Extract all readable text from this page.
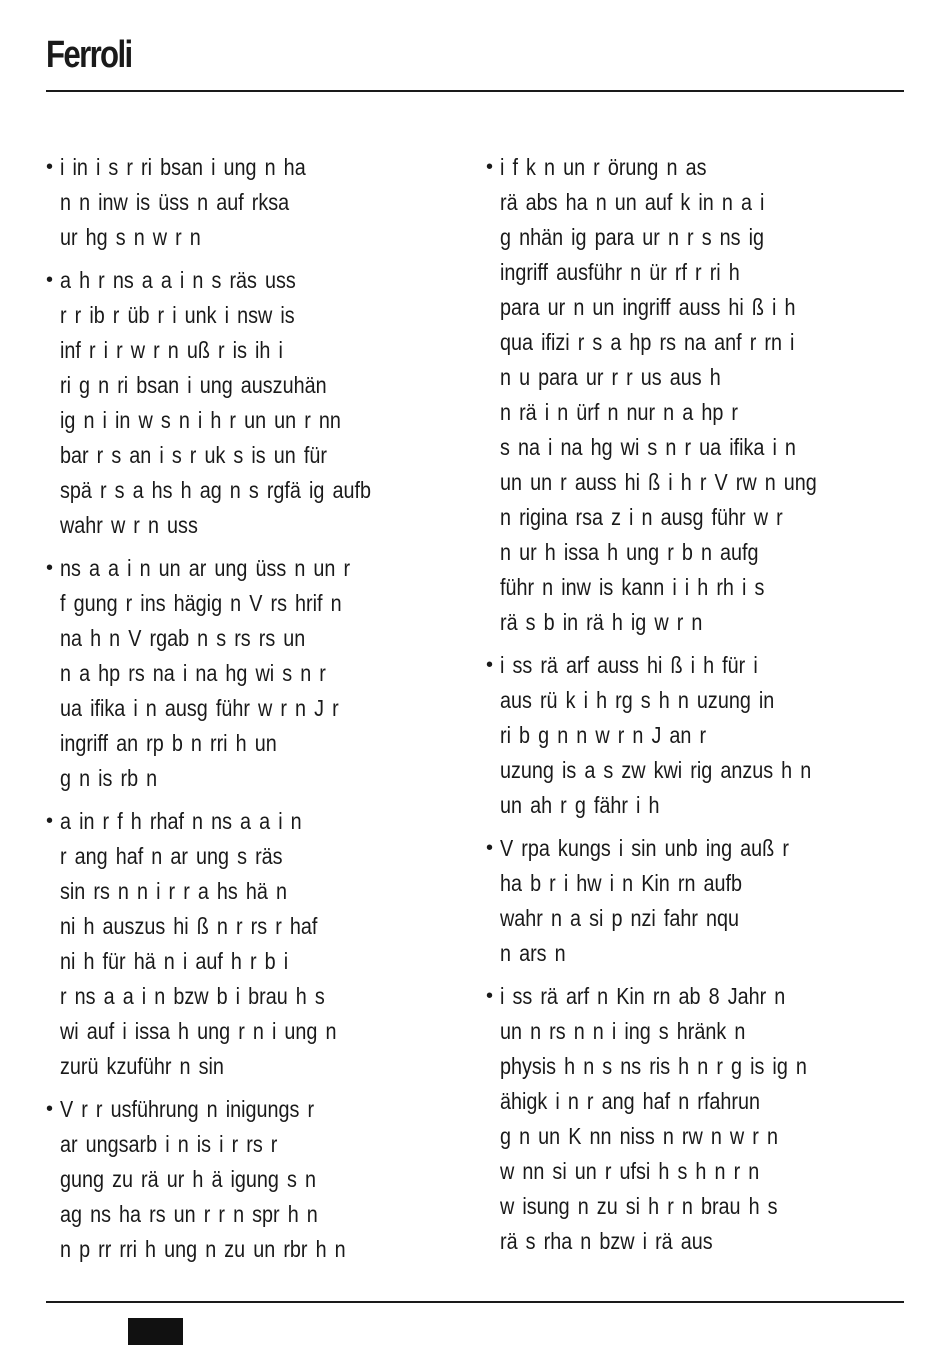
Ferroli
• i in i s r ri bsan i ung n ha
n n inw is üss n auf rksa
ur hg s n w r n
• a h r ns a a i n s räs uss
r r ib r üb r i unk i nsw is
inf r i r w r n uß r is ih i
ri g n ri bsan i ung auszuhän
ig n i in w s n i h r un un r nn
bar r s an i s r uk s is un für
spä r s a hs h ag n s rgfä ig aufb
wahr w r n uss
• ns a a i n un ar ung üss n un r
f gung r ins hägig n V rs hrif n
na h n V rgab n s rs rs un
n a hp rs na i na hg wi s n r
ua ifika i n ausg führ w r n J r
ingriff an rp b n rri h un
g n is rb n
• a in r f h rhaf n ns a a i n
r ang haf n ar ung s räs
sin rs n n i r r a hs hä n
ni h auszus hi ß n r rs r haf
ni h für hä n i auf h r b i
r ns a a i n bzw b i brau h s
wi auf i issa h ung r n i ung n
zurü kzuführ n sin
• V r r usführung n inigungs r
ar ungsarb i n is i r rs r
gung zu rä ur h ä igung s n
ag ns ha rs un r r n spr h n
n p rr rri h ung n zu un rbr h n
• i f k n un r örung n as
rä abs ha n un auf k in n a i
g nhän ig para ur n r s ns ig
ingriff ausführ n ür rf r ri h
para ur n un ingriff auss hi ß i h
qua ifizi r s a hp rs na anf r rn i
n u para ur r r us aus h
n rä i n ürf n nur n a hp r
s na i na hg wi s n r ua ifika i n
un un r auss hi ß i h r V rw n ung
n rigina rsa z i n ausg führ w r
n ur h issa h ung r b n aufg
führ n inw is kann i i h rh i s
rä s b in rä h ig w r n
• i ss rä arf auss hi ß i h für i
aus rü k i h rg s h n uzung in
ri b g n n w r n J an r
uzung is a s zw kwi rig anzus h n
un ah r g fähr i h
• V rpa kungs i sin unb ing auß r
ha b r i hw i n Kin rn aufb
wahr n a si p nzi fahr nqu
n ars n
• i ss rä arf n Kin rn ab 8 Jahr n
un n rs n n i ing s hränk n
physis h n s ns ris h n r g is ig n
ähigk i n r ang haf n rfahrun
g n un K nn niss n rw n w r n
w nn si un r ufsi h s h n r n
w isung n zu si h r n brau h s
rä s rha n bzw i rä aus
